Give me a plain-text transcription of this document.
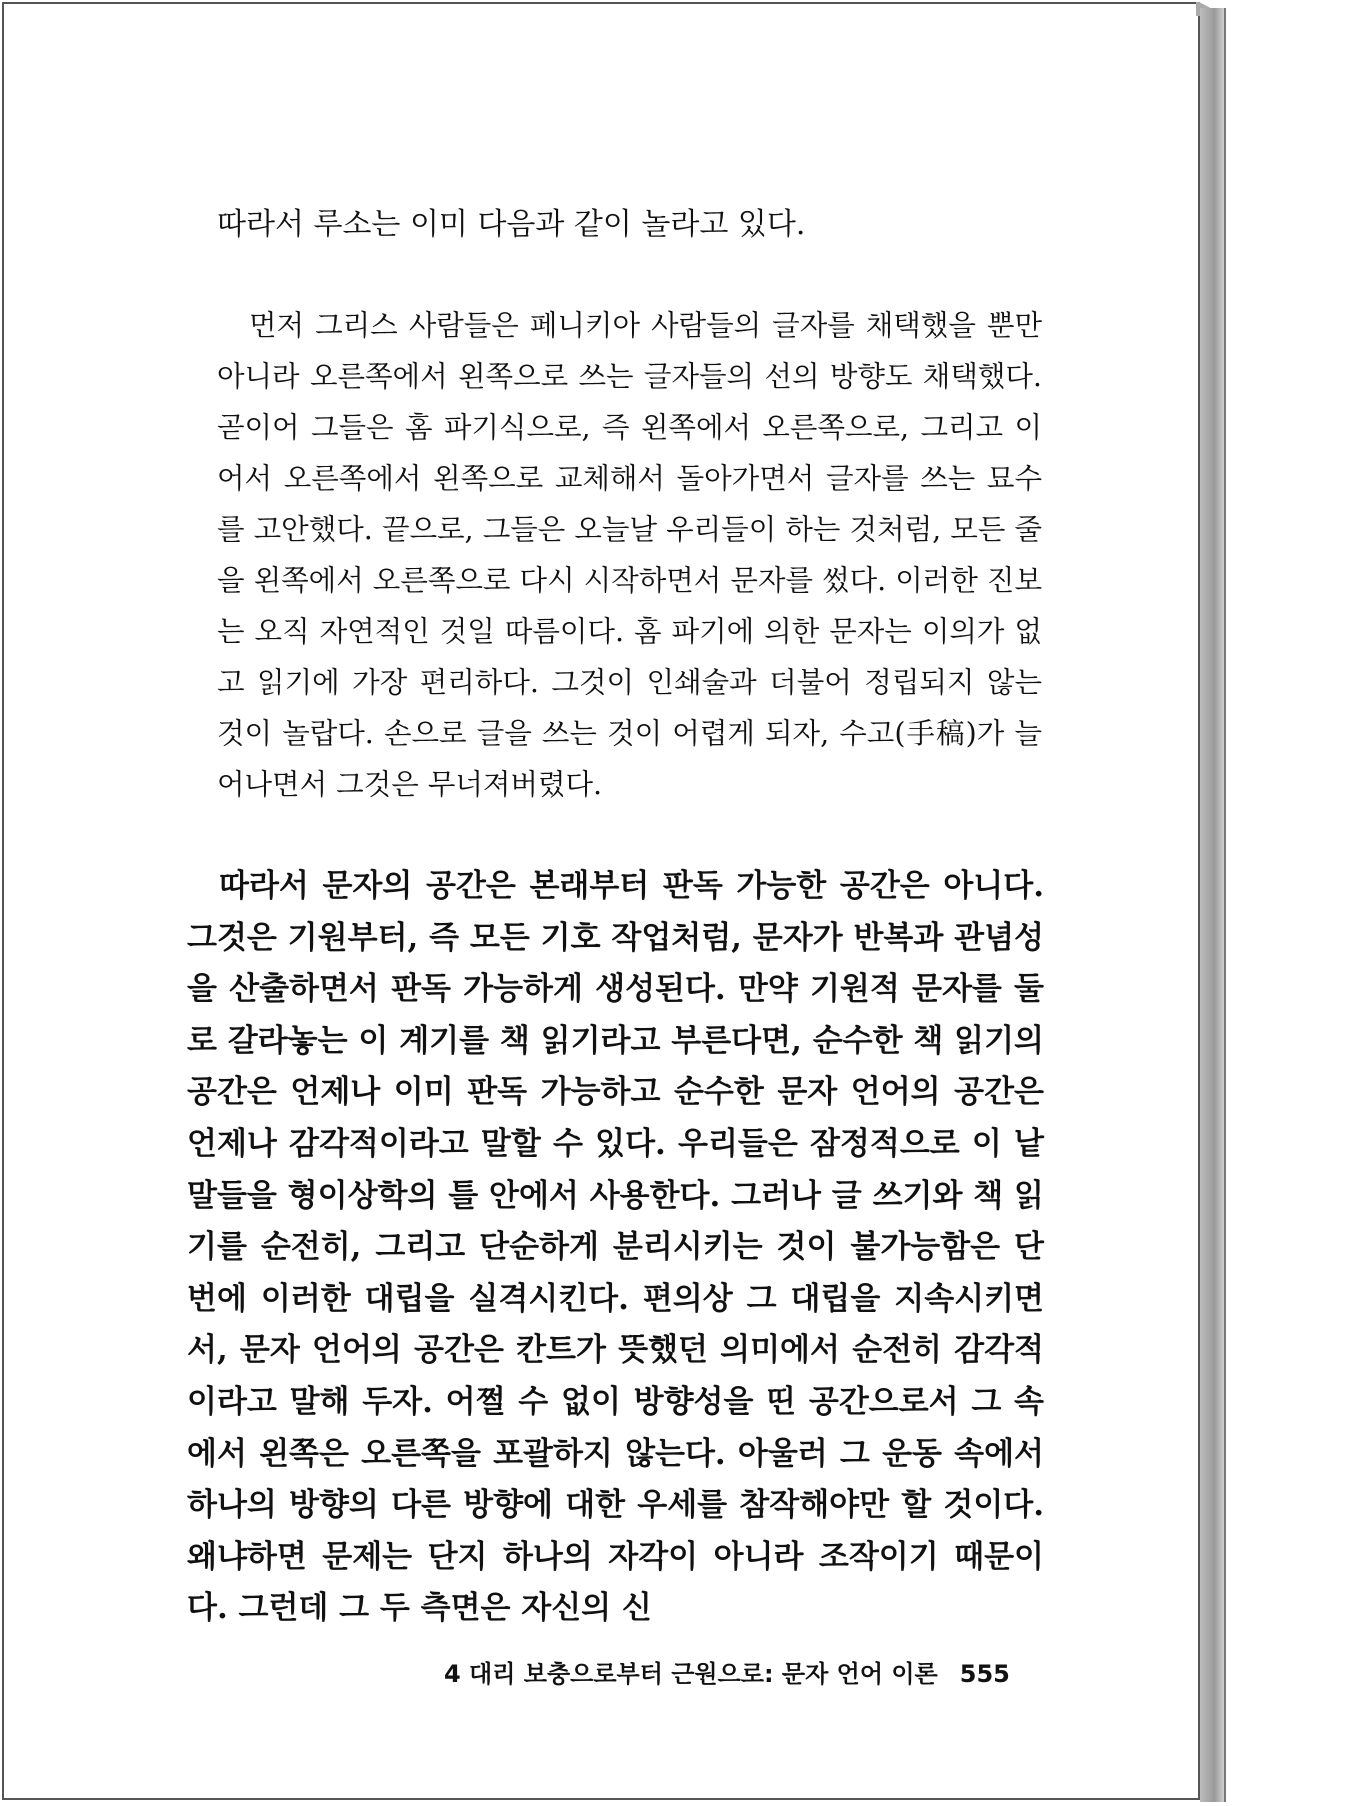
따라서 루소는 이미 다음과 같이 놀라고 있다.

먼저 그리스 사람들은 페니키아 사람들의 글자를 채택했을 뿐만 아니라 오른쪽에서 왼쪽으로 쓰는 글자들의 선의 방향도 채택했다. 곧이어 그들은 홈 파기식으로, 즉 왼쪽에서 오른쪽으로, 그리고 이어서 오른쪽에서 왼쪽으로 교체해서 돌아가면서 글자를 쓰는 묘수를 고안했다. 끝으로, 그들은 오늘날 우리들이 하는 것처럼, 모든 줄을 왼쪽에서 오른쪽으로 다시 시작하면서 문자를 썼다. 이러한 진보는 오직 자연적인 것일 따름이다. 홈 파기에 의한 문자는 이의가 없고 읽기에 가장 편리하다. 그것이 인쇄술과 더불어 정립되지 않는 것이 놀랍다. 손으로 글을 쓰는 것이 어렵게 되자, 수고(手稿)가 늘어나면서 그것은 무너져버렸다.

따라서 문자의 공간은 본래부터 판독 가능한 공간은 아니다. 그것은 기원부터, 즉 모든 기호 작업처럼, 문자가 반복과 관념성을 산출하면서 판독 가능하게 생성된다. 만약 기원적 문자를 둘로 갈라놓는 이 계기를 책 읽기라고 부른다면, 순수한 책 읽기의 공간은 언제나 이미 판독 가능하고 순수한 문자 언어의 공간은 언제나 감각적이라고 말할 수 있다. 우리들은 잠정적으로 이 낱말들을 형이상학의 틀 안에서 사용한다. 그러나 글 쓰기와 책 읽기를 순전히, 그리고 단순하게 분리시키는 것이 불가능함은 단번에 이러한 대립을 실격시킨다. 편의상 그 대립을 지속시키면서, 문자 언어의 공간은 칸트가 뜻했던 의미에서 순전히 감각적이라고 말해 두자. 어쩔 수 없이 방향성을 띤 공간으로서 그 속에서 왼쪽은 오른쪽을 포괄하지 않는다. 아울러 그 운동 속에서 하나의 방향의 다른 방향에 대한 우세를 참작해야만 할 것이다. 왜냐하면 문제는 단지 하나의 자각이 아니라 조작이기 때문이다. 그런데 그 두 측면은 자신의 신

4 대리 보충으로부터 근원으로: 문자 언어 이론 555
